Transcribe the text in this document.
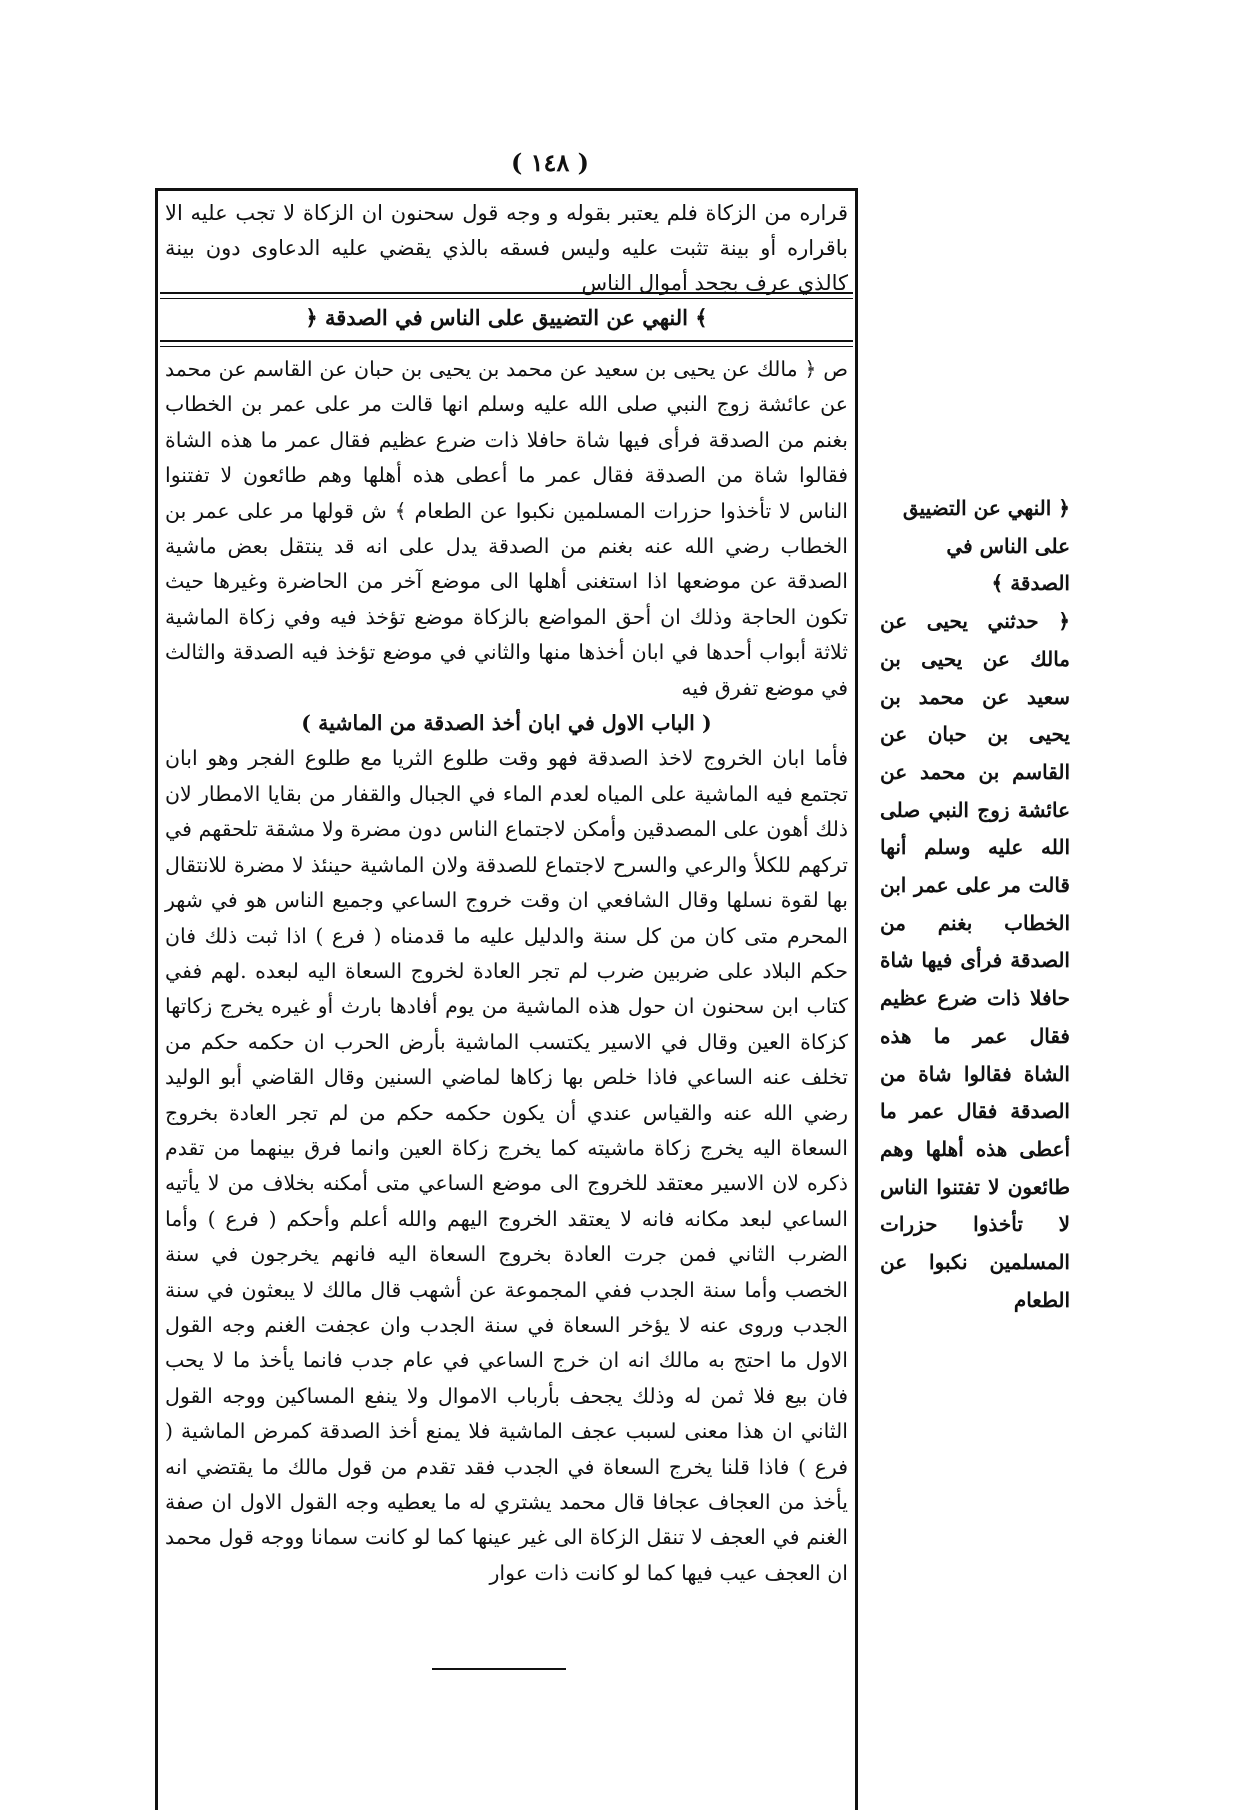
( ١٤٨ )
قراره من الزكاة فلم يعتبر بقوله و وجه قول سحنون ان الزكاة لا تجب عليه الا باقراره أو بينة تثبت عليه وليس فسقه بالذي يقضي عليه الدعاوى دون بينة كالذي عرف بجحد أموال الناس
﴿ النهي عن التضييق على الناس في الصدقة ﴾
ص ﴿ مالك عن يحيى بن سعيد عن محمد بن يحيى بن حبان عن القاسم عن محمد عن عائشة زوج النبي صلى الله عليه وسلم انها قالت مر على عمر بن الخطاب بغنم من الصدقة فرأى فيها شاة حافلا ذات ضرع عظيم فقال عمر ما هذه الشاة فقالوا شاة من الصدقة فقال عمر ما أعطى هذه أهلها وهم طائعون لا تفتنوا الناس لا تأخذوا حزرات المسلمين نكبوا عن الطعام ﴾ ش قولها مر على عمر بن الخطاب رضي الله عنه بغنم من الصدقة يدل على انه قد ينتقل بعض ماشية الصدقة عن موضعها اذا استغنى أهلها الى موضع آخر من الحاضرة وغيرها حيث تكون الحاجة وذلك ان أحق المواضع بالزكاة موضع تؤخذ فيه وفي زكاة الماشية ثلاثة أبواب أحدها في ابان أخذها منها والثاني في موضع تؤخذ فيه الصدقة والثالث في موضع تفرق فيه
( الباب الاول في ابان أخذ الصدقة من الماشية )
فأما ابان الخروج لاخذ الصدقة فهو وقت طلوع الثريا مع طلوع الفجر وهو ابان تجتمع فيه الماشية على المياه لعدم الماء في الجبال والقفار من بقايا الامطار لان ذلك أهون على المصدقين وأمكن لاجتماع الناس دون مضرة ولا مشقة تلحقهم في تركهم للكلأ والرعي والسرح لاجتماع للصدقة ولان الماشية حينئذ لا مضرة للانتقال بها لقوة نسلها وقال الشافعي ان وقت خروج الساعي وجميع الناس هو في شهر المحرم متى كان من كل سنة والدليل عليه ما قدمناه ( فرع ) اذا ثبت ذلك فان حكم البلاد على ضربين ضرب لم تجر العادة لخروج السعاة اليه لبعده .لهم ففي كتاب ابن سحنون ان حول هذه الماشية من يوم أفادها بارث أو غيره يخرج زكاتها كزكاة العين وقال في الاسير يكتسب الماشية بأرض الحرب ان حكمه حكم من تخلف عنه الساعي فاذا خلص بها زكاها لماضي السنين وقال القاضي أبو الوليد رضي الله عنه والقياس عندي أن يكون حكمه حكم من لم تجر العادة بخروج السعاة اليه يخرج زكاة ماشيته كما يخرج زكاة العين وانما فرق بينهما من تقدم ذكره لان الاسير معتقد للخروج الى موضع الساعي متى أمكنه بخلاف من لا يأتيه الساعي لبعد مكانه فانه لا يعتقد الخروج اليهم والله أعلم وأحكم ( فرع ) وأما الضرب الثاني فمن جرت العادة بخروج السعاة اليه فانهم يخرجون في سنة الخصب وأما سنة الجدب ففي المجموعة عن أشهب قال مالك لا يبعثون في سنة الجدب وروى عنه لا يؤخر السعاة في سنة الجدب وان عجفت الغنم وجه القول الاول ما احتج به مالك انه ان خرج الساعي في عام جدب فانما يأخذ ما لا يحب فان بيع فلا ثمن له وذلك يجحف بأرباب الاموال ولا ينفع المساكين ووجه القول الثاني ان هذا معنى لسبب عجف الماشية فلا يمنع أخذ الصدقة كمرض الماشية ( فرع ) فاذا قلنا يخرج السعاة في الجدب فقد تقدم من قول مالك ما يقتضي انه يأخذ من العجاف عجافا قال محمد يشتري له ما يعطيه وجه القول الاول ان صفة الغنم في العجف لا تنقل الزكاة الى غير عينها كما لو كانت سمانا ووجه قول محمد ان العجف عيب فيها كما لو كانت ذات عوار
﴿ النهي عن التضييق على الناس في الصدقة ﴾
﴿ حدثني يحيى عن مالك عن يحيى بن سعيد عن محمد بن يحيى بن حبان عن القاسم بن محمد عن عائشة زوج النبي صلى الله عليه وسلم أنها قالت مر على عمر ابن الخطاب بغنم من الصدقة فرأى فيها شاة حافلا ذات ضرع عظيم فقال عمر ما هذه الشاة فقالوا شاة من الصدقة فقال عمر ما أعطى هذه أهلها وهم طائعون لا تفتنوا الناس لا تأخذوا حزرات المسلمين نكبوا عن الطعام
